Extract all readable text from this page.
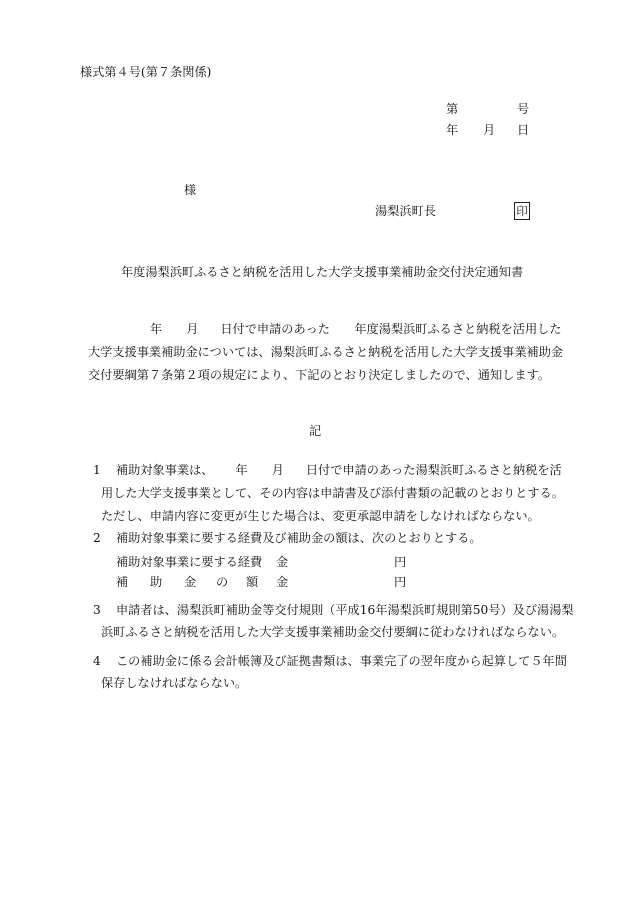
様式第４号(第７条関係)
第	号
年 月 日
様
湯梨浜町長	印
年度湯梨浜町ふるさと納税を活用した大学支援事業補助金交付決定通知書
年 月 日付で申請のあった　　年度湯梨浜町ふるさと納税を活用した
大学支援事業補助金については、湯梨浜町ふるさと納税を活用した大学支援事業補助金
交付要綱第７条第２項の規定により、下記のとおり決定しましたので、通知します。
記
1 補助対象事業は、 年 月 日付で申請のあった湯梨浜町ふるさと納税を活
用した大学支援事業として、その内容は申請書及び添付書類の記載のとおりとする。
ただし、申請内容に変更が生じた場合は、変更承認申請をしなければならない。
2 補助対象事業に要する経費及び補助金の額は、次のとおりとする。
補助対象事業に要する経費 金	円
補 助 金 の 額 金	円
3 申請者は、湯梨浜町補助金等交付規則（平成16年湯梨浜町規則第50号）及び湯湯梨
浜町ふるさと納税を活用した大学支援事業補助金交付要綱に従わなければならない。
4 この補助金に係る会計帳簿及び証拠書類は、事業完了の翌年度から起算して５年間
保存しなければならない。
